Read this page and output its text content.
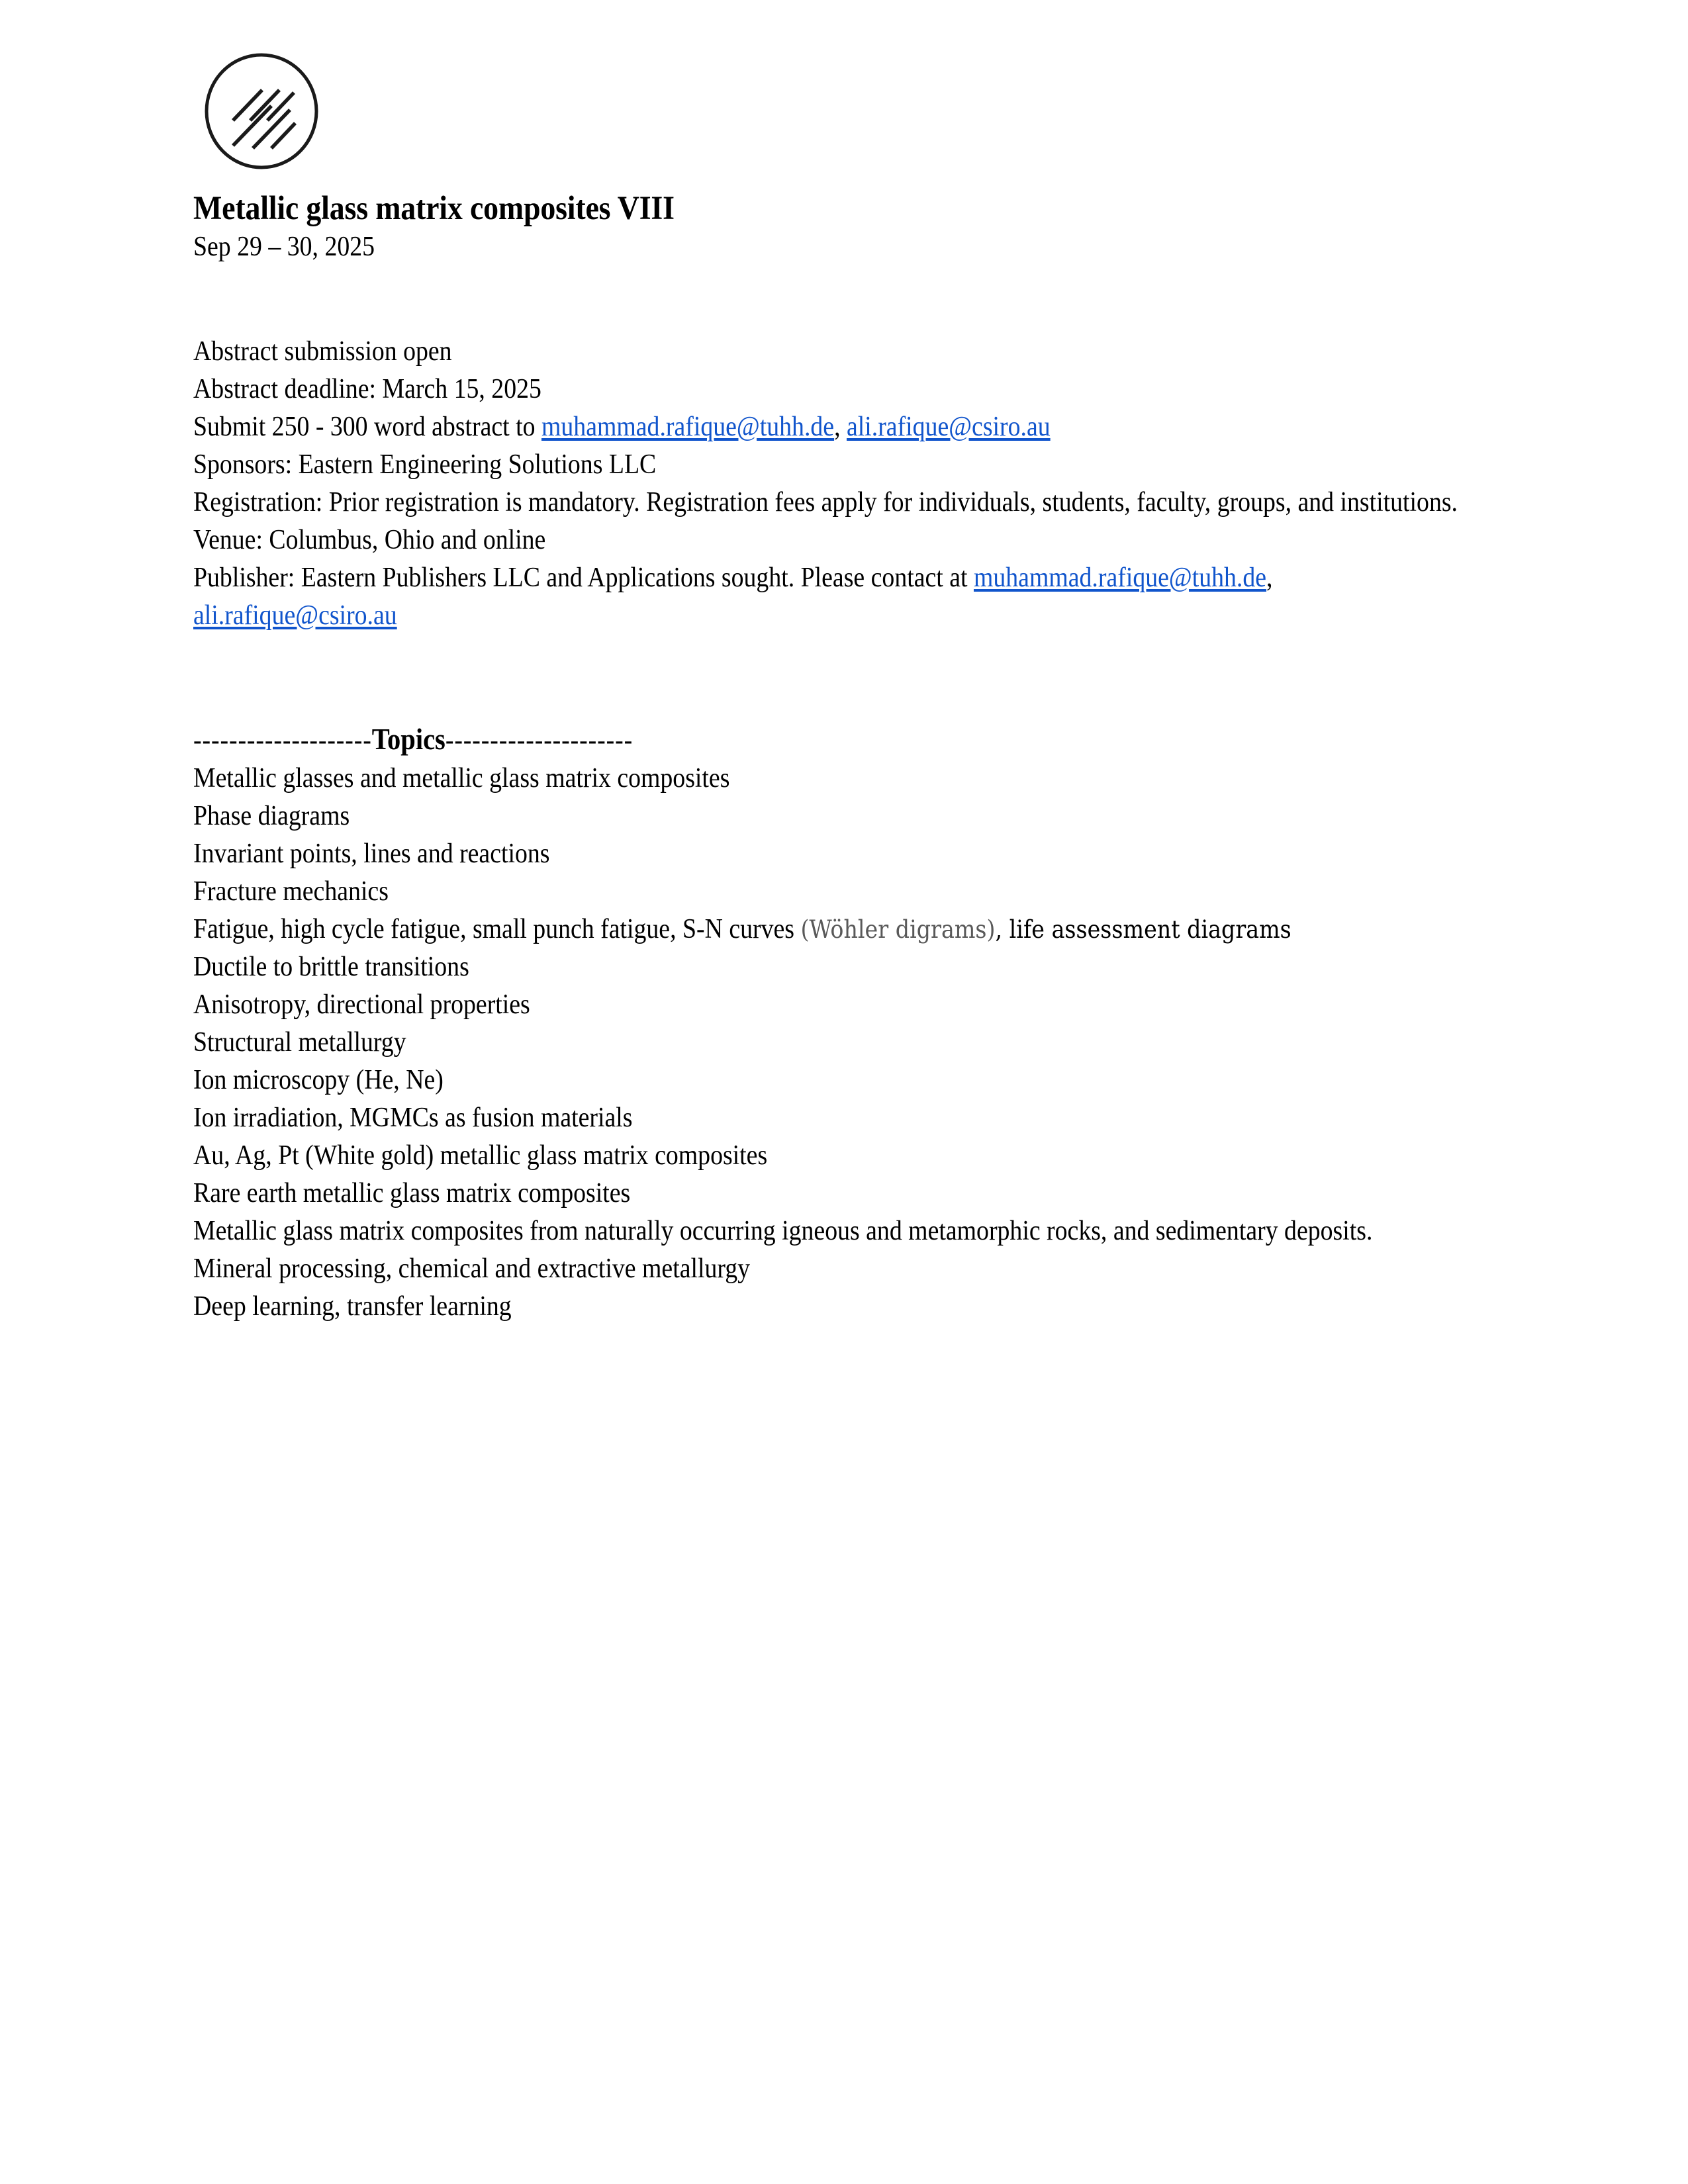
Metallic glass matrix composites VIII
Sep 29 – 30, 2025
Abstract submission open
Abstract deadline: March 15, 2025
Submit 250 - 300 word abstract to muhammad.rafique@tuhh.de, ali.rafique@csiro.au
Sponsors: Eastern Engineering Solutions LLC
Registration: Prior registration is mandatory. Registration fees apply for individuals, students, faculty, groups, and institutions.
Venue: Columbus, Ohio and online
Publisher: Eastern Publishers LLC and Applications sought. Please contact at muhammad.rafique@tuhh.de, ali.rafique@csiro.au
--------------------Topics---------------------
Metallic glasses and metallic glass matrix composites
Phase diagrams
Invariant points, lines and reactions
Fracture mechanics
Fatigue, high cycle fatigue, small punch fatigue, S-N curves (Wöhler digrams), life assessment diagrams
Ductile to brittle transitions
Anisotropy, directional properties
Structural metallurgy
Ion microscopy (He, Ne)
Ion irradiation, MGMCs as fusion materials
Au, Ag, Pt (White gold) metallic glass matrix composites
Rare earth metallic glass matrix composites
Metallic glass matrix composites from naturally occurring igneous and metamorphic rocks, and sedimentary deposits.
Mineral processing, chemical and extractive metallurgy
Deep learning, transfer learning
